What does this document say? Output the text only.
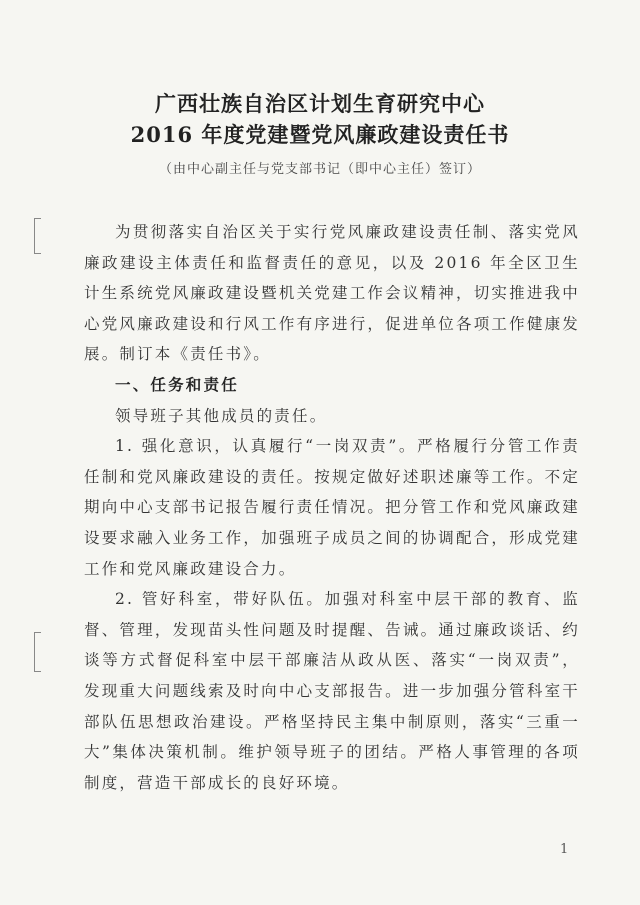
广西壮族自治区计划生育研究中心
2016 年度党建暨党风廉政建设责任书
（由中心副主任与党支部书记（即中心主任）签订）

为贯彻落实自治区关于实行党风廉政建设责任制、落实党风廉政建设主体责任和监督责任的意见，以及 2016 年全区卫生计生系统党风廉政建设暨机关党建工作会议精神，切实推进我中心党风廉政建设和行风工作有序进行，促进单位各项工作健康发展。制订本《责任书》。

一、任务和责任

领导班子其他成员的责任。

1. 强化意识，认真履行“一岗双责”。严格履行分管工作责任制和党风廉政建设的责任。按规定做好述职述廉等工作。不定期向中心支部书记报告履行责任情况。把分管工作和党风廉政建设要求融入业务工作，加强班子成员之间的协调配合，形成党建工作和党风廉政建设合力。

2. 管好科室，带好队伍。加强对科室中层干部的教育、监督、管理，发现苗头性问题及时提醒、告诫。通过廉政谈话、约谈等方式督促科室中层干部廉洁从政从医、落实“一岗双责”，发现重大问题线索及时向中心支部报告。进一步加强分管科室干部队伍思想政治建设。严格坚持民主集中制原则，落实“三重一大”集体决策机制。维护领导班子的团结。严格人事管理的各项制度，营造干部成长的良好环境。

1
